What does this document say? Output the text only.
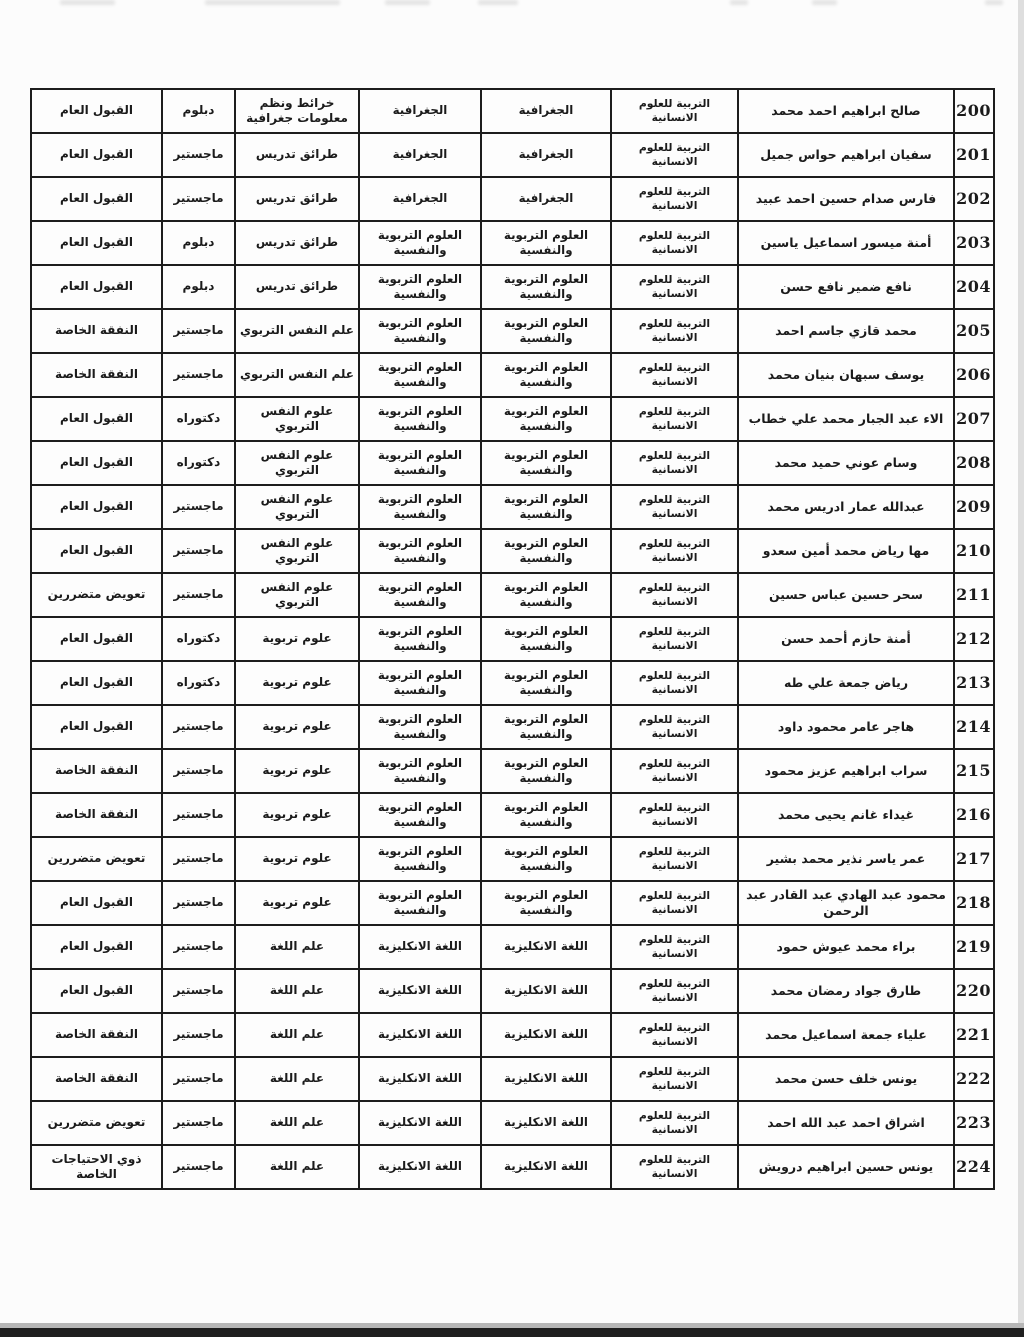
200	صالح ابراهيم احمد محمد	التربية للعلوم الانسانية	الجغرافية	الجغرافية	خرائط ونظم معلومات جغرافية	دبلوم	القبول العام
201	سفيان ابراهيم حواس جميل	التربية للعلوم الانسانية	الجغرافية	الجغرافية	طرائق تدريس	ماجستير	القبول العام
202	فارس صدام حسين احمد عبيد	التربية للعلوم الانسانية	الجغرافية	الجغرافية	طرائق تدريس	ماجستير	القبول العام
203	أمنة ميسور اسماعيل ياسين	التربية للعلوم الانسانية	العلوم التربوية والنفسية	العلوم التربوية والنفسية	طرائق تدريس	دبلوم	القبول العام
204	نافع ضمير نافع حسن	التربية للعلوم الانسانية	العلوم التربوية والنفسية	العلوم التربوية والنفسية	طرائق تدريس	دبلوم	القبول العام
205	محمد قازي جاسم احمد	التربية للعلوم الانسانية	العلوم التربوية والنفسية	العلوم التربوية والنفسية	علم النفس التربوي	ماجستير	النفقة الخاصة
206	يوسف سبهان بنيان محمد	التربية للعلوم الانسانية	العلوم التربوية والنفسية	العلوم التربوية والنفسية	علم النفس التربوي	ماجستير	النفقة الخاصة
207	الاء عبد الجبار محمد علي خطاب	التربية للعلوم الانسانية	العلوم التربوية والنفسية	العلوم التربوية والنفسية	علوم النفس التربوي	دكتوراه	القبول العام
208	وسام عوني حميد محمد	التربية للعلوم الانسانية	العلوم التربوية والنفسية	العلوم التربوية والنفسية	علوم النفس التربوي	دكتوراه	القبول العام
209	عبدالله عمار ادريس محمد	التربية للعلوم الانسانية	العلوم التربوية والنفسية	العلوم التربوية والنفسية	علوم النفس التربوي	ماجستير	القبول العام
210	مها رياض محمد أمين سعدو	التربية للعلوم الانسانية	العلوم التربوية والنفسية	العلوم التربوية والنفسية	علوم النفس التربوي	ماجستير	القبول العام
211	سحر حسين عباس حسين	التربية للعلوم الانسانية	العلوم التربوية والنفسية	العلوم التربوية والنفسية	علوم النفس التربوي	ماجستير	تعويض متضررين
212	أمنة حازم أحمد حسن	التربية للعلوم الانسانية	العلوم التربوية والنفسية	العلوم التربوية والنفسية	علوم تربوية	دكتوراه	القبول العام
213	رياض جمعة علي طه	التربية للعلوم الانسانية	العلوم التربوية والنفسية	العلوم التربوية والنفسية	علوم تربوية	دكتوراه	القبول العام
214	هاجر عامر محمود داود	التربية للعلوم الانسانية	العلوم التربوية والنفسية	العلوم التربوية والنفسية	علوم تربوية	ماجستير	القبول العام
215	سراب ابراهيم عزيز محمود	التربية للعلوم الانسانية	العلوم التربوية والنفسية	العلوم التربوية والنفسية	علوم تربوية	ماجستير	النفقة الخاصة
216	غيداء غانم يحيى محمد	التربية للعلوم الانسانية	العلوم التربوية والنفسية	العلوم التربوية والنفسية	علوم تربوية	ماجستير	النفقة الخاصة
217	عمر ياسر نذير محمد بشير	التربية للعلوم الانسانية	العلوم التربوية والنفسية	العلوم التربوية والنفسية	علوم تربوية	ماجستير	تعويض متضررين
218	محمود عبد الهادي عبد القادر عبد الرحمن	التربية للعلوم الانسانية	العلوم التربوية والنفسية	العلوم التربوية والنفسية	علوم تربوية	ماجستير	القبول العام
219	براء محمد عيوش حمود	التربية للعلوم الانسانية	اللغة الانكليزية	اللغة الانكليزية	علم اللغة	ماجستير	القبول العام
220	طارق جواد رمضان محمد	التربية للعلوم الانسانية	اللغة الانكليزية	اللغة الانكليزية	علم اللغة	ماجستير	القبول العام
221	علياء جمعة اسماعيل محمد	التربية للعلوم الانسانية	اللغة الانكليزية	اللغة الانكليزية	علم اللغة	ماجستير	النفقة الخاصة
222	يونس خلف حسن محمد	التربية للعلوم الانسانية	اللغة الانكليزية	اللغة الانكليزية	علم اللغة	ماجستير	النفقة الخاصة
223	اشراق احمد عبد الله احمد	التربية للعلوم الانسانية	اللغة الانكليزية	اللغة الانكليزية	علم اللغة	ماجستير	تعويض متضررين
224	يونس حسين ابراهيم درويش	التربية للعلوم الانسانية	اللغة الانكليزية	اللغة الانكليزية	علم اللغة	ماجستير	ذوي الاحتياجات الخاصة
